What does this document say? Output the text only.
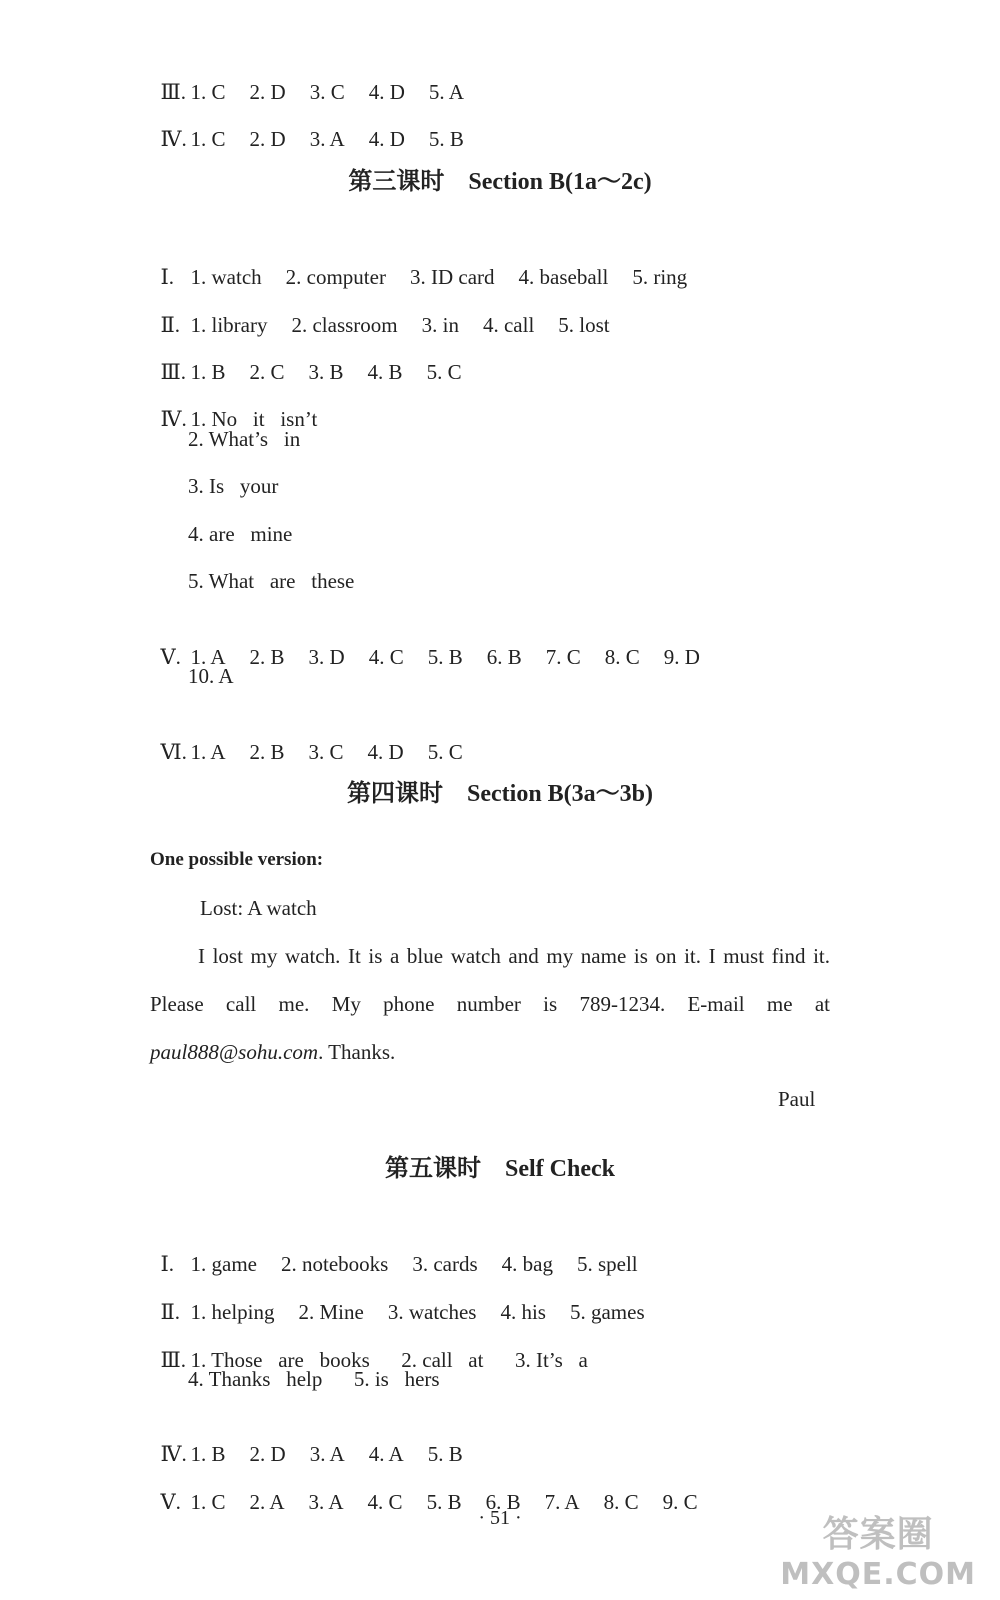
Ⅲ. 1. C 2. D 3. C 4. D 5. A

Ⅳ. 1. C 2. D 3. A 4. D 5. B

第三课时 Section B(1a～2c)

Ⅰ. 1. watch 2. computer 3. ID card 4. baseball 5. ring

Ⅱ. 1. library 2. classroom 3. in 4. call 5. lost

Ⅲ. 1. B 2. C 3. B 4. B 5. C

Ⅳ. 1. No   it   isn’t

2. What’s   in
3. Is   your
4. are   mine
5. What   are   these

Ⅴ. 1. A 2. B 3. D 4. C 5. B 6. B 7. C 8. C 9. D

10. A

Ⅵ. 1. A 2. B 3. C 4. D 5. C

第四课时 Section B(3a～3b)
One possible version:
Lost: A watch
I lost my watch. It is a blue watch and my name is on it. I must find it. Please call me. My phone number is 789-1234. E-mail me at paul888@sohu.com. Thanks.
Paul
第五课时 Self Check

Ⅰ. 1. game 2. notebooks 3. cards 4. bag 5. spell

Ⅱ. 1. helping 2. Mine 3. watches 4. his 5. games

Ⅲ. 1. Those   are   books      2. call   at      3. It’s   a

4. Thanks   help      5. is   hers

Ⅳ. 1. B 2. D 3. A 4. A 5. B

Ⅴ. 1. C 2. A 3. A 4. C 5. B 6. B 7. A 8. C 9. C

· 51 ·	答案圈
MXQE.COM
